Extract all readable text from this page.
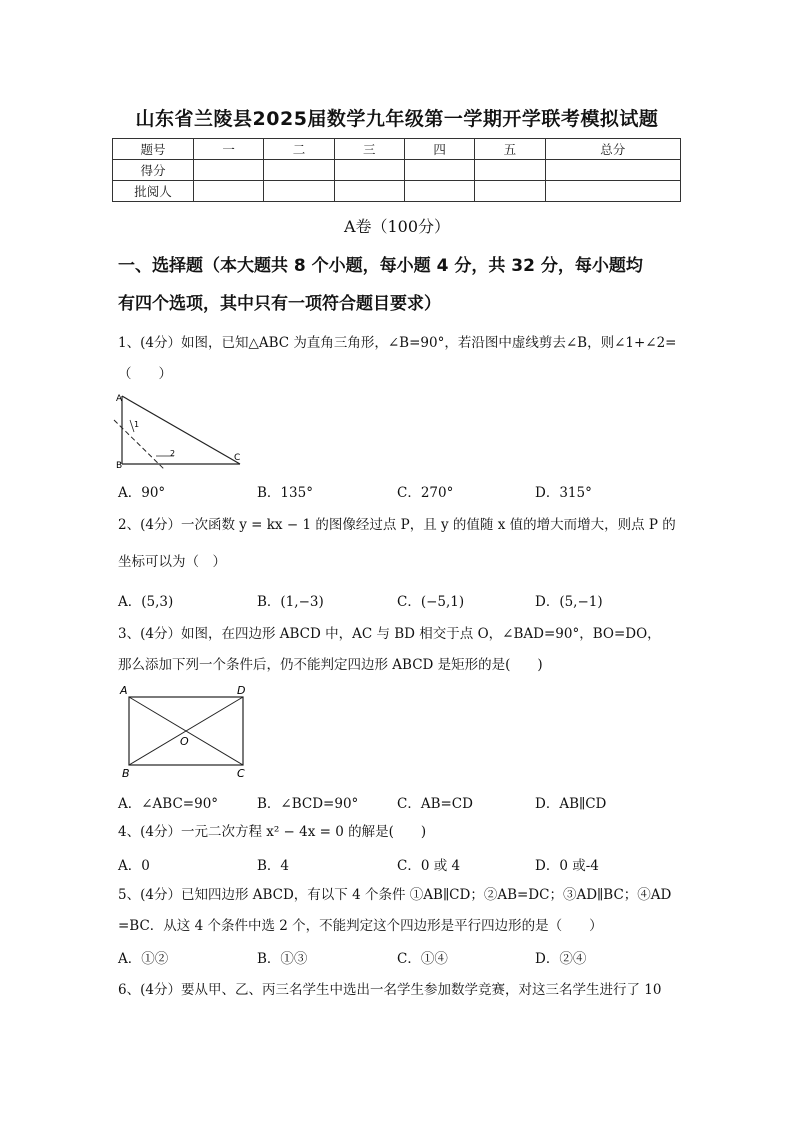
山东省兰陵县2025届数学九年级第一学期开学联考模拟试题
题号	一	二	三	四	五	总分
得分						
批阅人						
A卷（100分）
一、选择题（本大题共 8 个小题，每小题 4 分，共 32 分，每小题均
有四个选项，其中只有一项符合题目要求）
1、(4分）如图，已知△ABC 为直角三角形，∠B=90°，若沿图中虚线剪去∠B，则∠1+∠2=
（　　）
A
B
C
1
2
A．90°	B．135°	C．270°	D．315°
2、(4分）一次函数 y = kx − 1 的图像经过点 P，且 y 的值随 x 值的增大而增大，则点 P 的
坐标可以为（　）
A．(5,3)	B．(1,−3)	C．(−5,1)	D．(5,−1)
3、(4分）如图，在四边形 ABCD 中，AC 与 BD 相交于点 O，∠BAD=90°，BO=DO，
那么添加下列一个条件后，仍不能判定四边形 ABCD 是矩形的是(　　)
A	D
O
B	C
A．∠ABC=90°	B．∠BCD=90°	C．AB=CD	D．AB∥CD
4、(4分）一元二次方程 x² − 4x = 0 的解是(　　)
A．0	B．4	C．0 或 4	D．0 或-4
5、(4分）已知四边形 ABCD，有以下 4 个条件 ①AB∥CD；②AB=DC；③AD∥BC；④AD
=BC．从这 4 个条件中选 2 个，不能判定这个四边形是平行四边形的是（　　）
A．①②	B．①③	C．①④	D．②④
6、(4分）要从甲、乙、丙三名学生中选出一名学生参加数学竞赛，对这三名学生进行了 10
